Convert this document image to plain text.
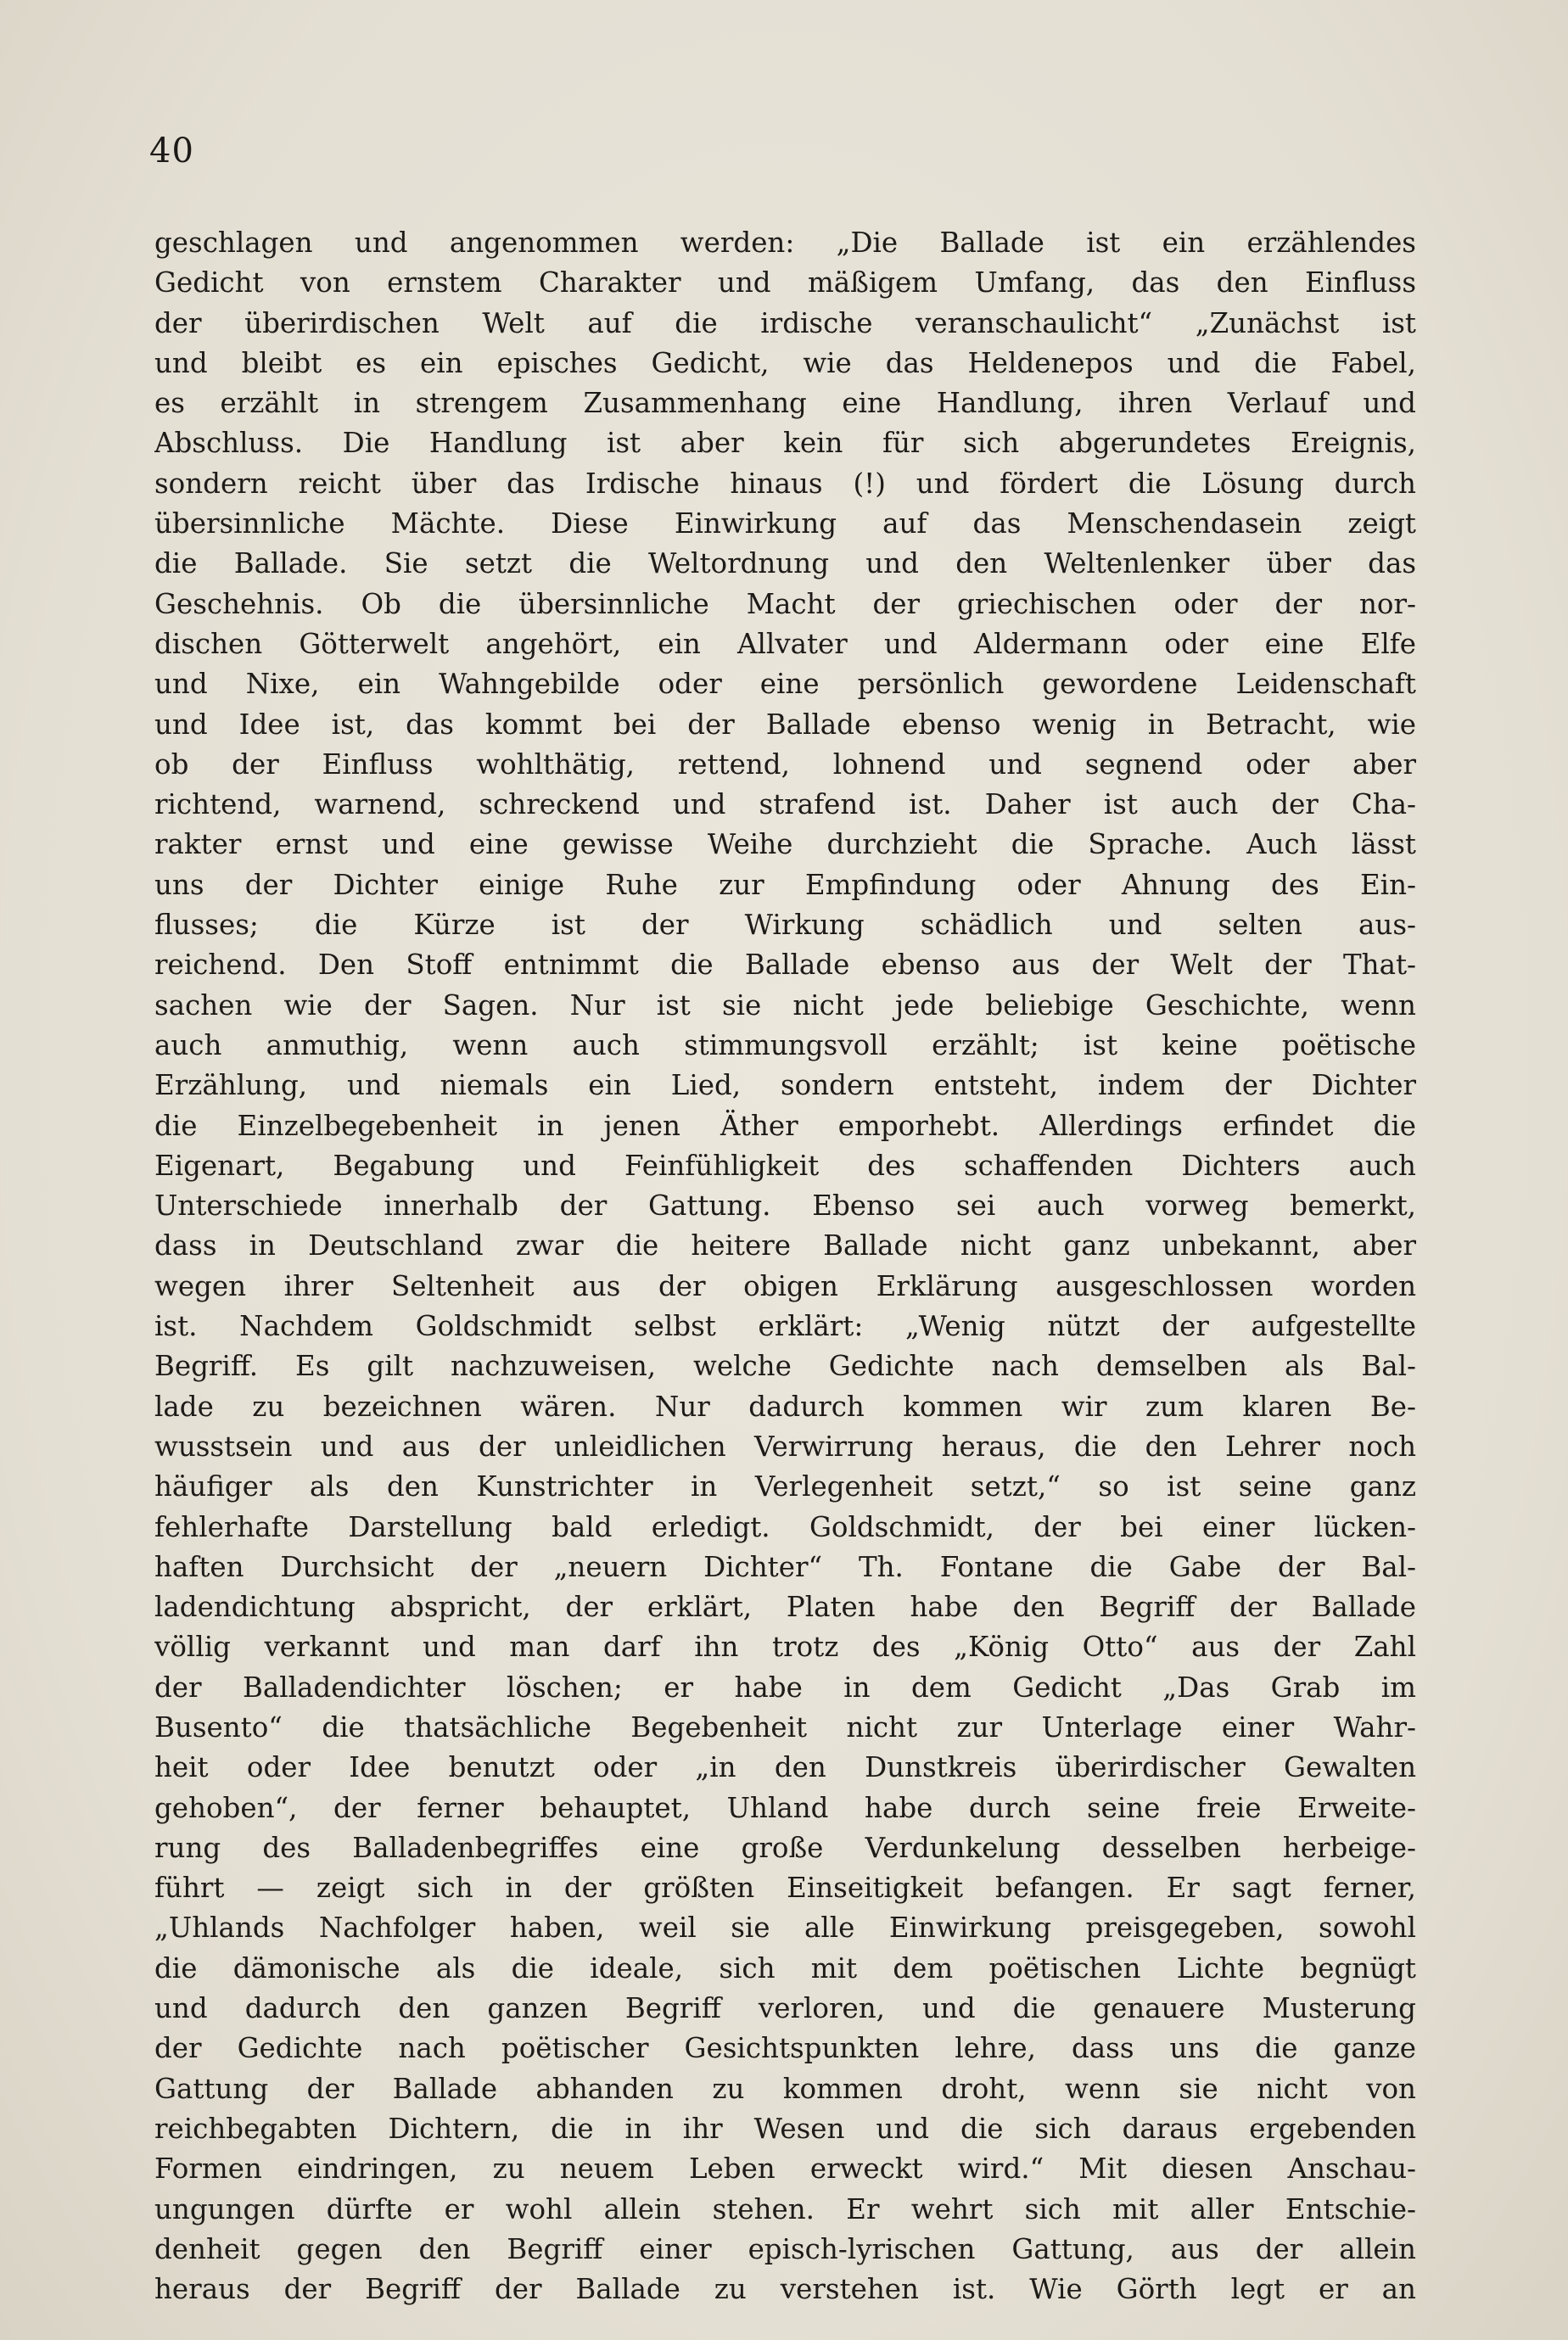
40
geschlagen und angenommen werden: „Die Ballade ist ein erzählendes
Gedicht von ernstem Charakter und mäßigem Umfang, das den Einfluss
der überirdischen Welt auf die irdische veranschaulicht“ „Zunächst ist
und bleibt es ein episches Gedicht, wie das Heldenepos und die Fabel,
es erzählt in strengem Zusammenhang eine Handlung, ihren Verlauf und
Abschluss. Die Handlung ist aber kein für sich abgerundetes Ereignis,
sondern reicht über das Irdische hinaus (!) und fördert die Lösung durch
übersinnliche Mächte. Diese Einwirkung auf das Menschendasein zeigt
die Ballade. Sie setzt die Weltordnung und den Weltenlenker über das
Geschehnis. Ob die übersinnliche Macht der griechischen oder der nor-
dischen Götterwelt angehört, ein Allvater und Aldermann oder eine Elfe
und Nixe, ein Wahngebilde oder eine persönlich gewordene Leidenschaft
und Idee ist, das kommt bei der Ballade ebenso wenig in Betracht, wie
ob der Einfluss wohlthätig, rettend, lohnend und segnend oder aber
richtend, warnend, schreckend und strafend ist. Daher ist auch der Cha-
rakter ernst und eine gewisse Weihe durchzieht die Sprache. Auch lässt
uns der Dichter einige Ruhe zur Empfindung oder Ahnung des Ein-
flusses; die Kürze ist der Wirkung schädlich und selten aus-
reichend. Den Stoff entnimmt die Ballade ebenso aus der Welt der That-
sachen wie der Sagen. Nur ist sie nicht jede beliebige Geschichte, wenn
auch anmuthig, wenn auch stimmungsvoll erzählt; ist keine poëtische
Erzählung, und niemals ein Lied, sondern entsteht, indem der Dichter
die Einzelbegebenheit in jenen Äther emporhebt. Allerdings erfindet die
Eigenart, Begabung und Feinfühligkeit des schaffenden Dichters auch
Unterschiede innerhalb der Gattung. Ebenso sei auch vorweg bemerkt,
dass in Deutschland zwar die heitere Ballade nicht ganz unbekannt, aber
wegen ihrer Seltenheit aus der obigen Erklärung ausgeschlossen worden
ist. Nachdem Goldschmidt selbst erklärt: „Wenig nützt der aufgestellte
Begriff. Es gilt nachzuweisen, welche Gedichte nach demselben als Bal-
lade zu bezeichnen wären. Nur dadurch kommen wir zum klaren Be-
wusstsein und aus der unleidlichen Verwirrung heraus, die den Lehrer noch
häufiger als den Kunstrichter in Verlegenheit setzt,“ so ist seine ganz
fehlerhafte Darstellung bald erledigt. Goldschmidt, der bei einer lücken-
haften Durchsicht der „neuern Dichter“ Th. Fontane die Gabe der Bal-
ladendichtung abspricht, der erklärt, Platen habe den Begriff der Ballade
völlig verkannt und man darf ihn trotz des „König Otto“ aus der Zahl
der Balladendichter löschen; er habe in dem Gedicht „Das Grab im
Busento“ die thatsächliche Begebenheit nicht zur Unterlage einer Wahr-
heit oder Idee benutzt oder „in den Dunstkreis überirdischer Gewalten
gehoben“, der ferner behauptet, Uhland habe durch seine freie Erweite-
rung des Balladenbegriffes eine große Verdunkelung desselben herbeige-
führt — zeigt sich in der größten Einseitigkeit befangen. Er sagt ferner,
„Uhlands Nachfolger haben, weil sie alle Einwirkung preisgegeben, sowohl
die dämonische als die ideale, sich mit dem poëtischen Lichte begnügt
und dadurch den ganzen Begriff verloren, und die genauere Musterung
der Gedichte nach poëtischer Gesichtspunkten lehre, dass uns die ganze
Gattung der Ballade abhanden zu kommen droht, wenn sie nicht von
reichbegabten Dichtern, die in ihr Wesen und die sich daraus ergebenden
Formen eindringen, zu neuem Leben erweckt wird.“ Mit diesen Anschau-
ungungen dürfte er wohl allein stehen. Er wehrt sich mit aller Entschie-
denheit gegen den Begriff einer episch-lyrischen Gattung, aus der allein
heraus der Begriff der Ballade zu verstehen ist. Wie Görth legt er an
